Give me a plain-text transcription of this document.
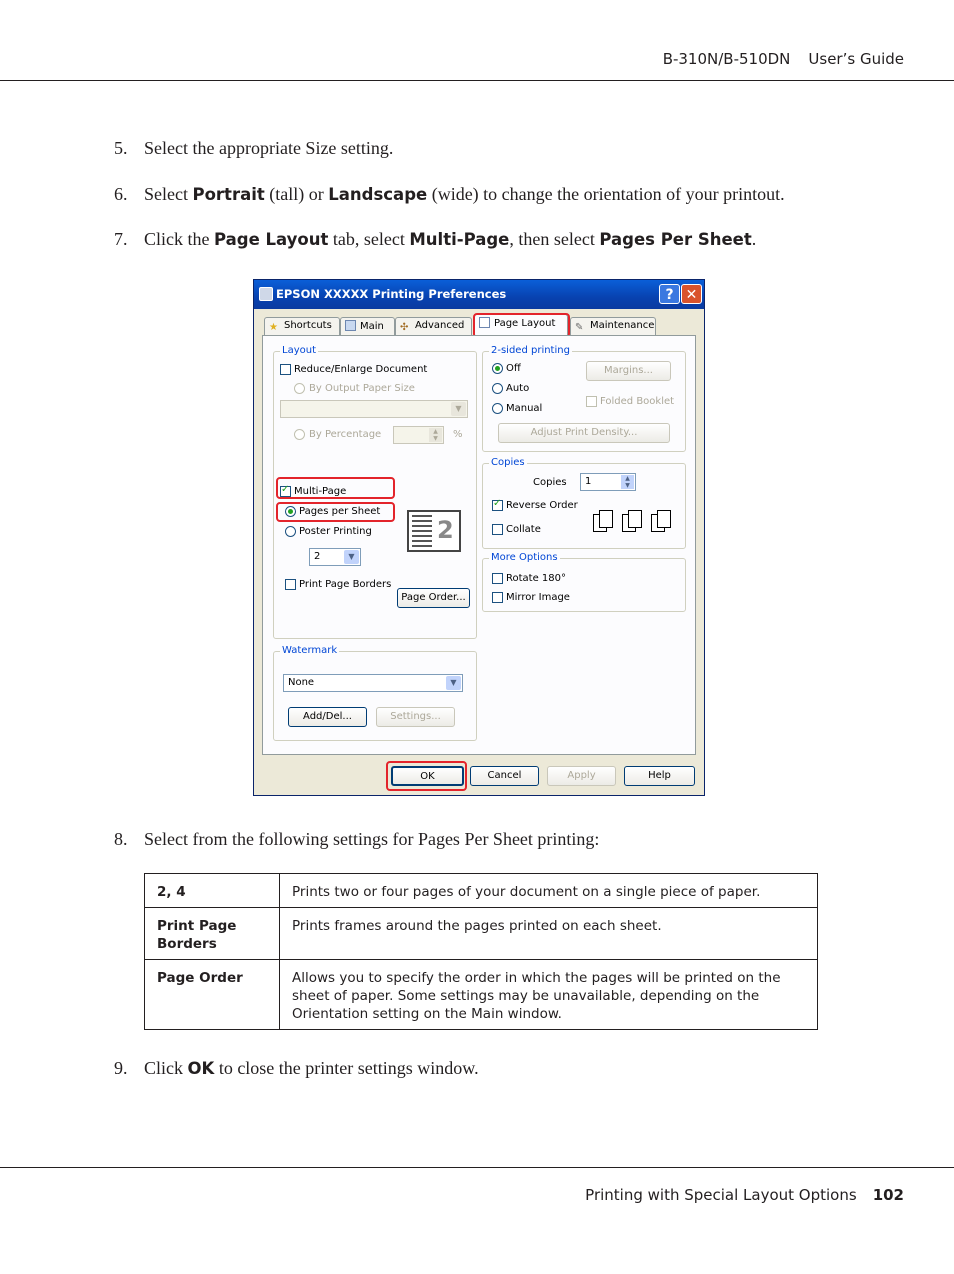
B-310N/B-510DN User’s Guide
5. Select the appropriate Size setting.
6. Select Portrait (tall) or Landscape (wide) to change the orientation of your printout.
7. Click the Page Layout tab, select Multi-Page, then select Pages Per Sheet.
EPSON XXXXX Printing Preferences	? ✕
★ Shortcuts	Main	✣ Advanced	Page Layout	✎ Maintenance
Layout
Reduce/Enlarge Document
By Output Paper Size
▼
By Percentage	▲
▼	%
✓
Multi-Page
Pages per Sheet
Poster Printing
2	▼
2
Print Page Borders
Page Order...
Watermark
None	▼
Add/Del...	Settings...
2-sided printing
Off
Auto
Manual
Margins...
Folded Booklet
Adjust Print Density...
Copies
Copies	1	▲
▼
✓
Reverse Order
Collate
More Options
Rotate 180°
Mirror Image
OK	Cancel	Apply	Help
8. Select from the following settings for Pages Per Sheet printing:
2, 4	Prints two or four pages of your document on a single piece of paper.
Print Page Borders	Prints frames around the pages printed on each sheet.
Page Order	Allows you to specify the order in which the pages will be printed on the sheet of paper. Some settings may be unavailable, depending on the Orientation setting on the Main window.
9. Click OK to close the printer settings window.
Printing with Special Layout Options 102
